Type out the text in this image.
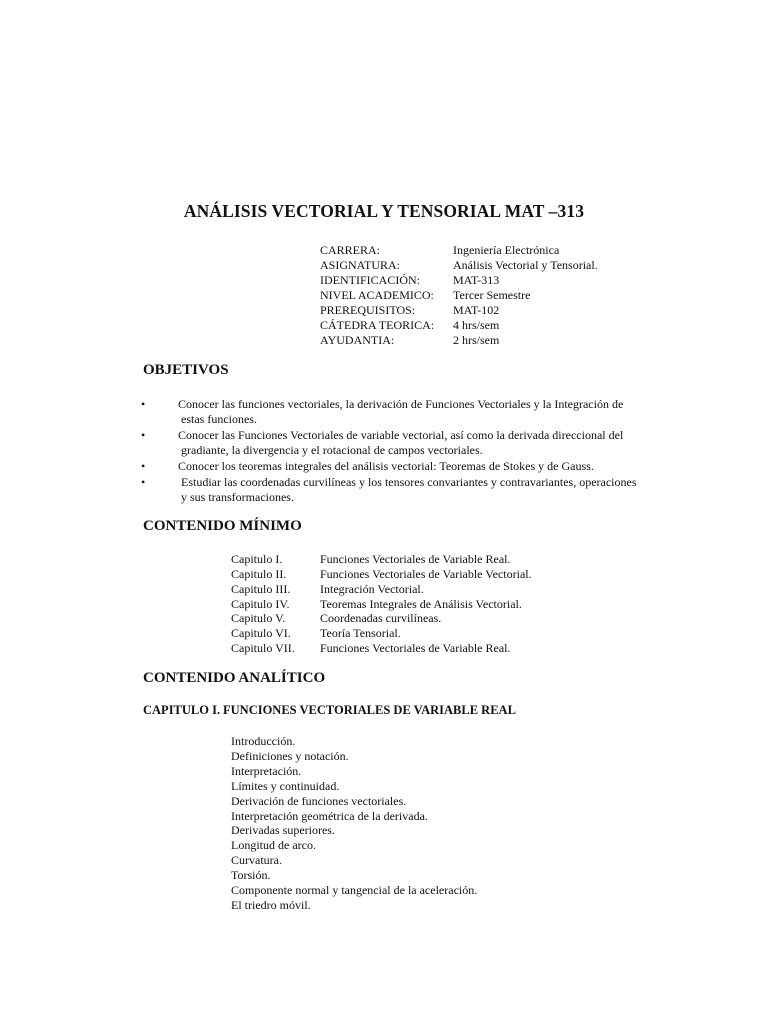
ANÁLISIS VECTORIAL Y TENSORIAL MAT –313
CARRERA:	Ingeniería Electrónica
ASIGNATURA:	Análisis Vectorial y Tensorial.
IDENTIFICACIÓN:	MAT-313
NIVEL ACADEMICO: Tercer Semestre
PREREQUISITOS:	MAT-102
CÁTEDRA TEORICA: 4 hrs/sem
AYUDANTIA:	2 hrs/sem
OBJETIVOS
•	Conocer las funciones vectoriales, la derivación de Funciones Vectoriales y la Integración de
estas funciones.
•	Conocer las Funciones Vectoriales de variable vectorial, así como la derivada direccional del
gradiante, la divergencia y el rotacional de campos vectoriales.
•	Conocer los teoremas integrales del análisis vectorial: Teoremas de Stokes y de Gauss.
•	Estudiar las coordenadas curvilíneas y los tensores convariantes y contravariantes, operaciones
y sus transformaciones.
CONTENIDO MÍNIMO
Capitulo I.	Funciones Vectoriales de Variable Real.
Capitulo II.	Funciones Vectoriales de Variable Vectorial.
Capitulo III. Integración Vectorial.
Capitulo IV.	Teoremas Integrales de Análisis Vectorial.
Capitulo V.	Coordenadas curvilíneas.
Capitulo VI. Teoría Tensorial.
Capitulo VII. Funciones Vectoriales de Variable Real.
CONTENIDO ANALÍTICO
CAPITULO I. FUNCIONES VECTORIALES DE VARIABLE REAL
Introducción.
Definiciones y notación.
Interpretación.
Límites y continuidad.
Derivación de funciones vectoriales.
Interpretación geométrica de la derivada.
Derivadas superiores.
Longitud de arco.
Curvatura.
Torsión.
Componente normal y tangencial de la aceleración.
El triedro móvil.
